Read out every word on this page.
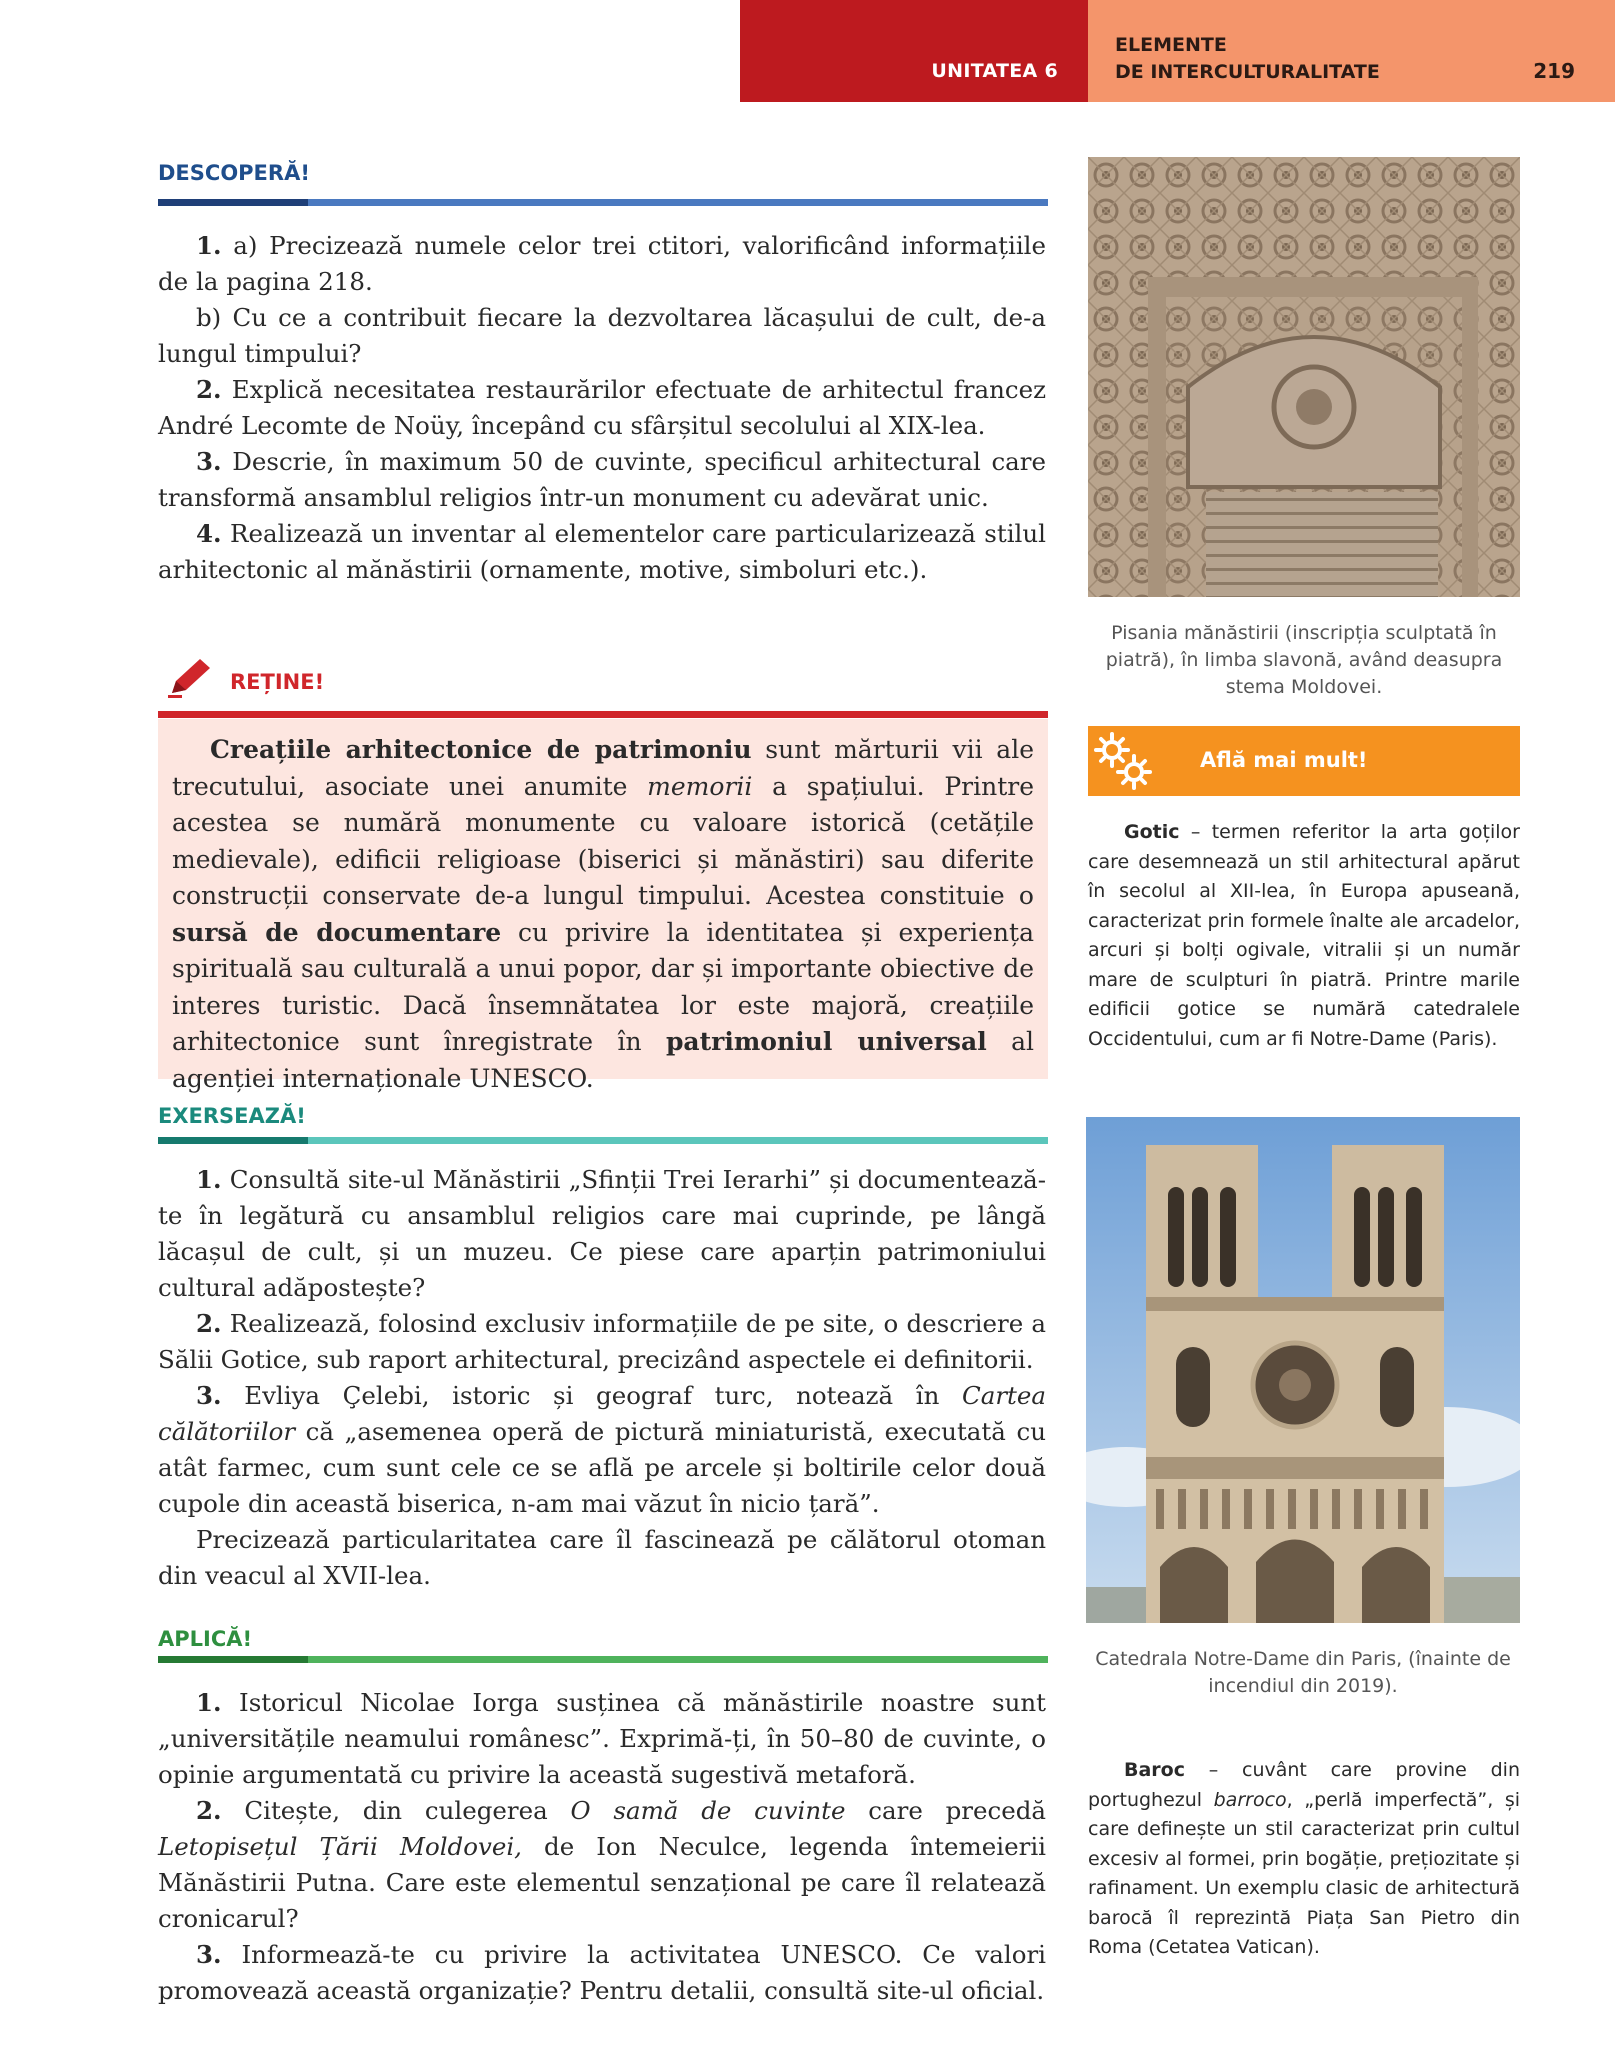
UNITATEA 6
ELEMENTE
DE INTERCULTURALITATE	219
DESCOPERĂ!

1. a) Precizează numele celor trei ctitori, valorificând informațiile de la pagina 218.

b) Cu ce a contribuit fiecare la dezvoltarea lăcașului de cult, de-a lungul timpului?

2. Explică necesitatea restaurărilor efectuate de arhitectul francez André Lecomte de Noüy, începând cu sfârșitul secolului al XIX-lea.

3. Descrie, în maximum 50 de cuvinte, specificul arhitectural care transformă ansamblul religios într-un monument cu adevărat unic.

4. Realizează un inventar al elementelor care particularizează stilul arhitectonic al mănăstirii (ornamente, motive, simboluri etc.).

REȚINE!

Creațiile arhitectonice de patrimoniu sunt mărturii vii ale trecutului, asociate unei anumite memorii a spațiului. Printre acestea se numără monumente cu valoare istorică (cetățile medievale), edificii religioase (biserici și mănăstiri) sau diferite construcții conservate de-a lungul timpului. Acestea constituie o sursă de documentare cu privire la identitatea și experiența spirituală sau culturală a unui popor, dar și importante obiective de interes turistic. Dacă însemnătatea lor este majoră, creațiile arhitectonice sunt înregistrate în patrimoniul universal al agenției internaționale UNESCO.

EXERSEAZĂ!

1. Consultă site-ul Mănăstirii „Sfinții Trei Ierarhi” și documentează-te în legătură cu ansamblul religios care mai cuprinde, pe lângă lăcașul de cult, și un muzeu. Ce piese care aparțin patrimoniului cultural adăpostește?

2. Realizează, folosind exclusiv informațiile de pe site, o descriere a Sălii Gotice, sub raport arhitectural, precizând aspectele ei definitorii.

3. Evliya Çelebi, istoric și geograf turc, notează în Cartea călătoriilor că „asemenea operă de pictură miniaturistă, executată cu atât farmec, cum sunt cele ce se află pe arcele și boltirile celor două cupole din această biserica, n-am mai văzut în nicio țară”.

Precizează particularitatea care îl fascinează pe călătorul otoman din veacul al XVII-lea.

APLICĂ!

1. Istoricul Nicolae Iorga susținea că mănăstirile noastre sunt „universitățile neamului românesc”. Exprimă-ți, în 50–80 de cuvinte, o opinie argumentată cu privire la această sugestivă metaforă.

2. Citește, din culegerea O samă de cuvinte care precedă Letopisețul Țării Moldovei, de Ion Neculce, legenda întemeierii Mănăstirii Putna. Care este elementul senzațional pe care îl relatează cronicarul?

3. Informează-te cu privire la activitatea UNESCO. Ce valori promovează această organizație? Pentru detalii, consultă site-ul oficial.

Pisania mănăstirii (inscripția sculptată în piatră), în limba slavonă, având deasupra stema Moldovei.
Află mai mult!

Gotic – termen referitor la arta goților care desemnează un stil arhitectural apărut în secolul al XII-lea, în Europa apuseană, caracterizat prin formele înalte ale arcadelor, arcuri și bolți ogivale, vitralii și un număr mare de sculpturi în piatră. Printre marile edificii gotice se numără catedralele Occidentului, cum ar fi Notre-Dame (Paris).

Catedrala Notre-Dame din Paris, (înainte de incendiul din 2019).

Baroc – cuvânt care provine din portughezul barroco, „perlă imperfectă”, și care definește un stil caracterizat prin cultul excesiv al formei, prin bogăție, prețiozitate și rafinament. Un exemplu clasic de arhitectură barocă îl reprezintă Piața San Pietro din Roma (Cetatea Vatican).
